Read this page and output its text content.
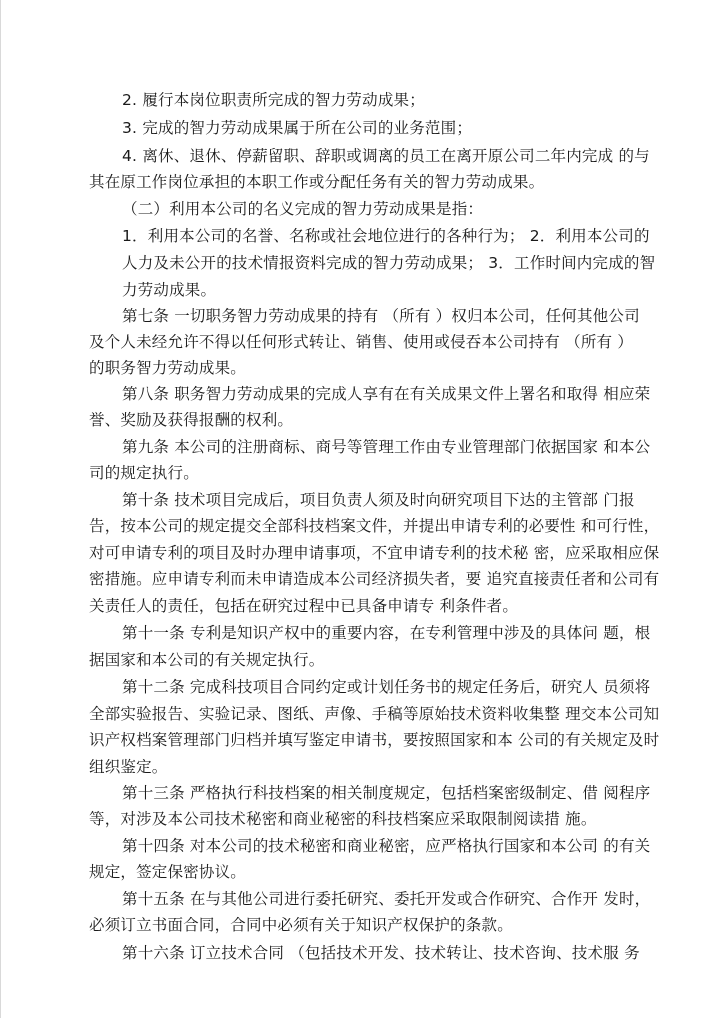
2. 履行本岗位职责所完成的智力劳动成果；
3. 完成的智力劳动成果属于所在公司的业务范围；
4. 离休、退休、停薪留职、辞职或调离的员工在离开原公司二年内完成 的与
其在原工作岗位承担的本职工作或分配任务有关的智力劳动成果。
（二）利用本公司的名义完成的智力劳动成果是指：
1．利用本公司的名誉、名称或社会地位进行的各种行为； 2．利用本公司的
人力及未公开的技术情报资料完成的智力劳动成果； 3．工作时间内完成的智
力劳动成果。
第七条 一切职务智力劳动成果的持有 （所有 ）权归本公司，任何其他公司
及个人未经允许不得以任何形式转让、销售、使用或侵吞本公司持有 （所有 ）
的职务智力劳动成果。
第八条 职务智力劳动成果的完成人享有在有关成果文件上署名和取得 相应荣
誉、奖励及获得报酬的权利。
第九条 本公司的注册商标、商号等管理工作由专业管理部门依据国家 和本公
司的规定执行。
第十条 技术项目完成后，项目负责人须及时向研究项目下达的主管部 门报
告，按本公司的规定提交全部科技档案文件，并提出申请专利的必要性 和可行性，
对可申请专利的项目及时办理申请事项，不宜申请专利的技术秘 密，应采取相应保
密措施。应申请专利而未申请造成本公司经济损失者，要 追究直接责任者和公司有
关责任人的责任，包括在研究过程中已具备申请专 利条件者。
第十一条 专利是知识产权中的重要内容，在专利管理中涉及的具体问 题，根
据国家和本公司的有关规定执行。
第十二条 完成科技项目合同约定或计划任务书的规定任务后，研究人 员须将
全部实验报告、实验记录、图纸、声像、手稿等原始技术资料收集整 理交本公司知
识产权档案管理部门归档并填写鉴定申请书，要按照国家和本 公司的有关规定及时
组织鉴定。
第十三条 严格执行科技档案的相关制度规定，包括档案密级制定、借 阅程序
等，对涉及本公司技术秘密和商业秘密的科技档案应采取限制阅读措 施。
第十四条 对本公司的技术秘密和商业秘密，应严格执行国家和本公司 的有关
规定，签定保密协议。
第十五条 在与其他公司进行委托研究、委托开发或合作研究、合作开 发时，
必须订立书面合同，合同中必须有关于知识产权保护的条款。
第十六条 订立技术合同 （包括技术开发、技术转让、技术咨询、技术服 务
